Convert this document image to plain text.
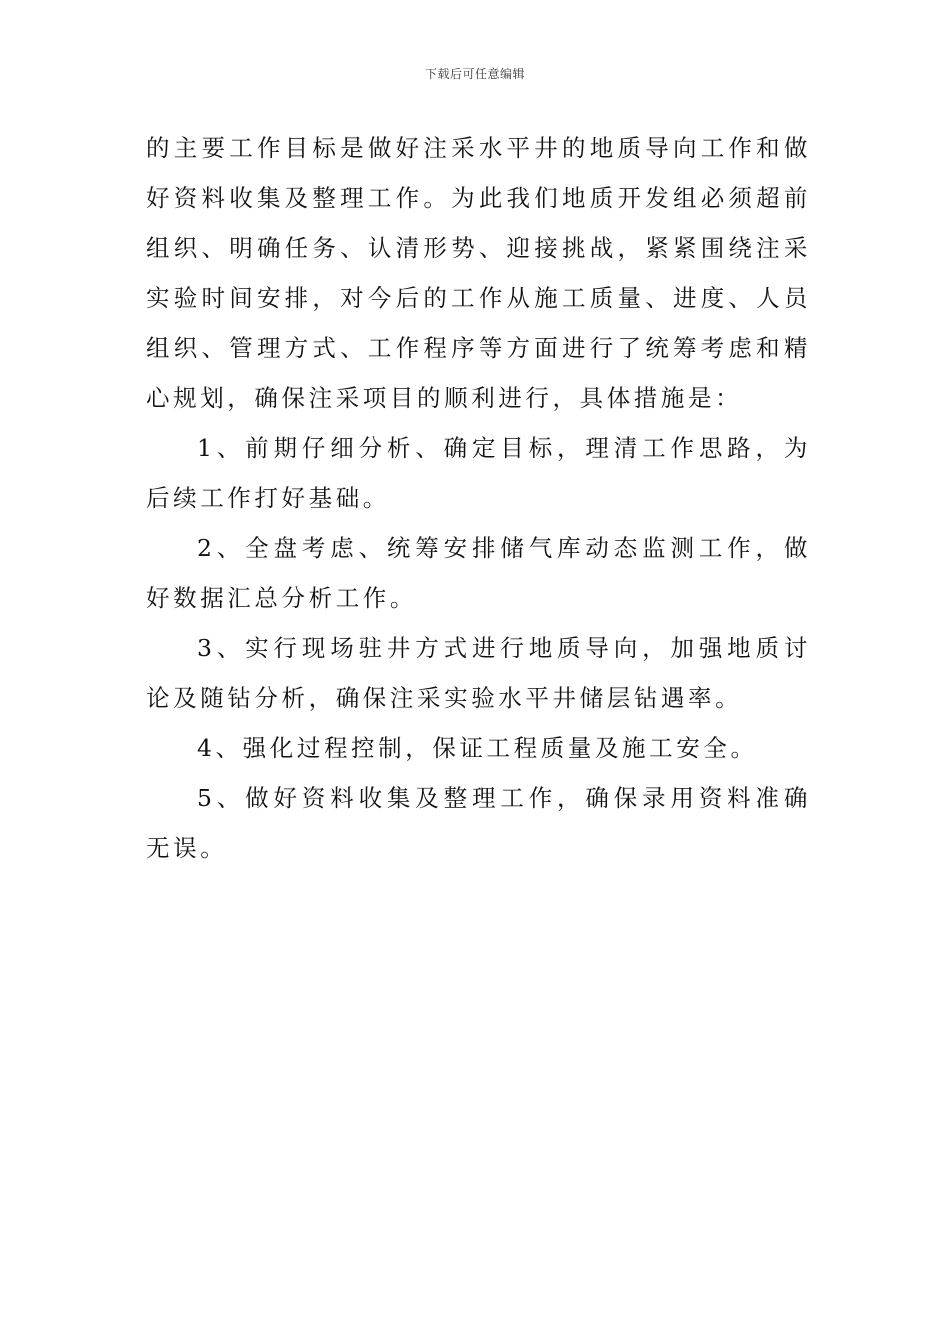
下载后可任意编辑

的主要工作目标是做好注采水平井的地质导向工作和做好资料收集及整理工作。为此我们地质开发组必须超前组织、明确任务、认清形势、迎接挑战，紧紧围绕注采实验时间安排，对今后的工作从施工质量、进度、人员组织、管理方式、工作程序等方面进行了统筹考虑和精心规划，确保注采项目的顺利进行，具体措施是：

1、前期仔细分析、确定目标，理清工作思路，为后续工作打好基础。

2、全盘考虑、统筹安排储气库动态监测工作，做好数据汇总分析工作。

3、实行现场驻井方式进行地质导向，加强地质讨论及随钻分析，确保注采实验水平井储层钻遇率。

4、强化过程控制，保证工程质量及施工安全。

5、做好资料收集及整理工作，确保录用资料准确无误。
